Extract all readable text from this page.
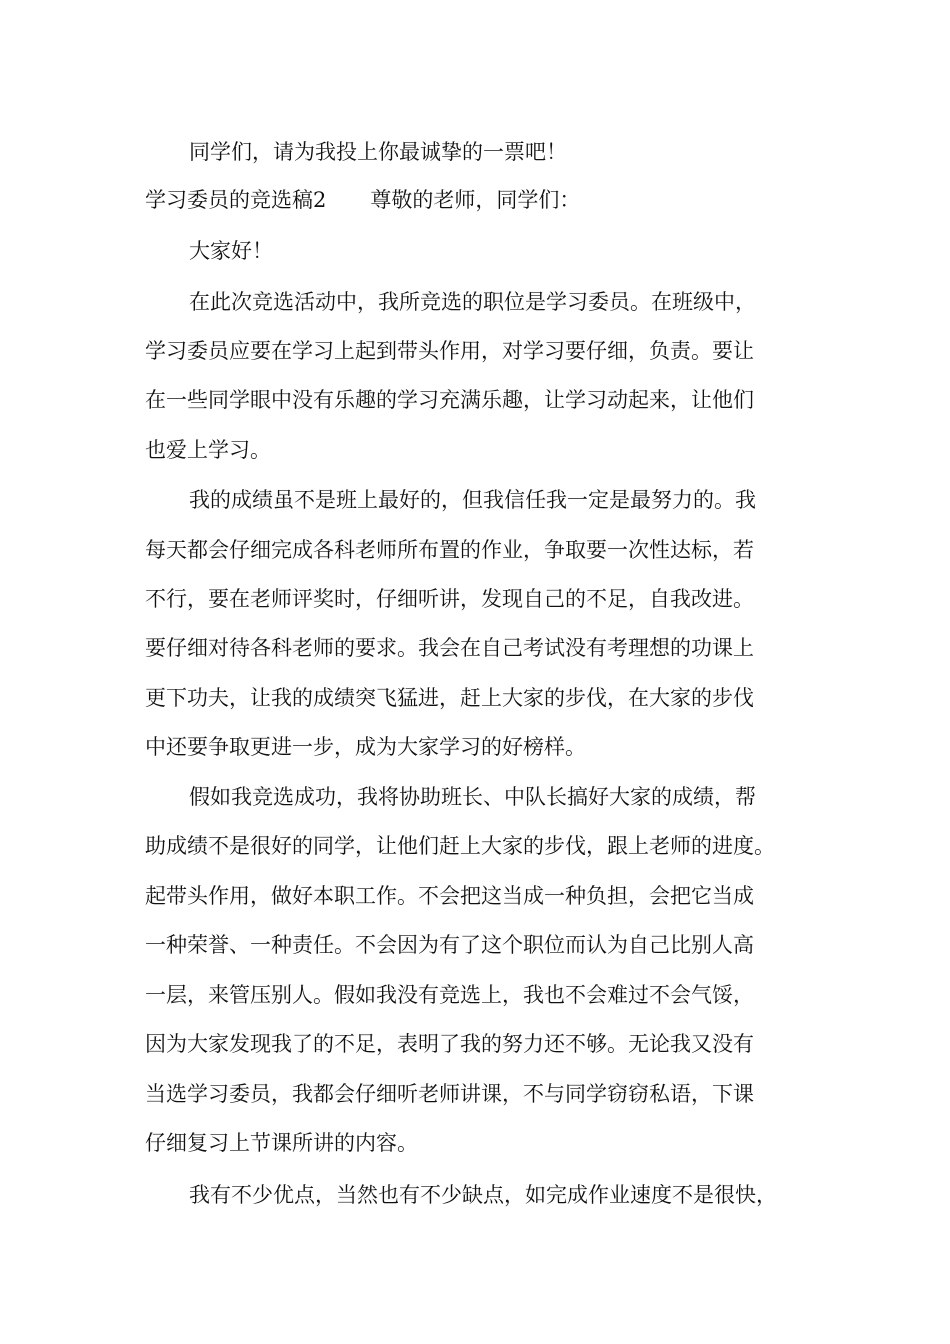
同学们，请为我投上你最诚挚的一票吧！

学习委员的竞选稿2 尊敬的老师，同学们：

大家好！

在此次竞选活动中，我所竞选的职位是学习委员。在班级中，

学习委员应要在学习上起到带头作用，对学习要仔细，负责。要让

在一些同学眼中没有乐趣的学习充满乐趣，让学习动起来，让他们

也爱上学习。

我的成绩虽不是班上最好的，但我信任我一定是最努力的。我

每天都会仔细完成各科老师所布置的作业，争取要一次性达标，若

不行，要在老师评奖时，仔细听讲，发现自己的不足，自我改进。

要仔细对待各科老师的要求。我会在自己考试没有考理想的功课上

更下功夫，让我的成绩突飞猛进，赶上大家的步伐，在大家的步伐

中还要争取更进一步，成为大家学习的好榜样。

假如我竞选成功，我将协助班长、中队长搞好大家的成绩，帮

助成绩不是很好的同学，让他们赶上大家的步伐，跟上老师的进度。

起带头作用，做好本职工作。不会把这当成一种负担，会把它当成

一种荣誉、一种责任。不会因为有了这个职位而认为自己比别人高

一层，来管压别人。假如我没有竞选上，我也不会难过不会气馁，

因为大家发现我了的不足，表明了我的努力还不够。无论我又没有

当选学习委员，我都会仔细听老师讲课，不与同学窃窃私语，下课

仔细复习上节课所讲的内容。

我有不少优点，当然也有不少缺点，如完成作业速度不是很快，
